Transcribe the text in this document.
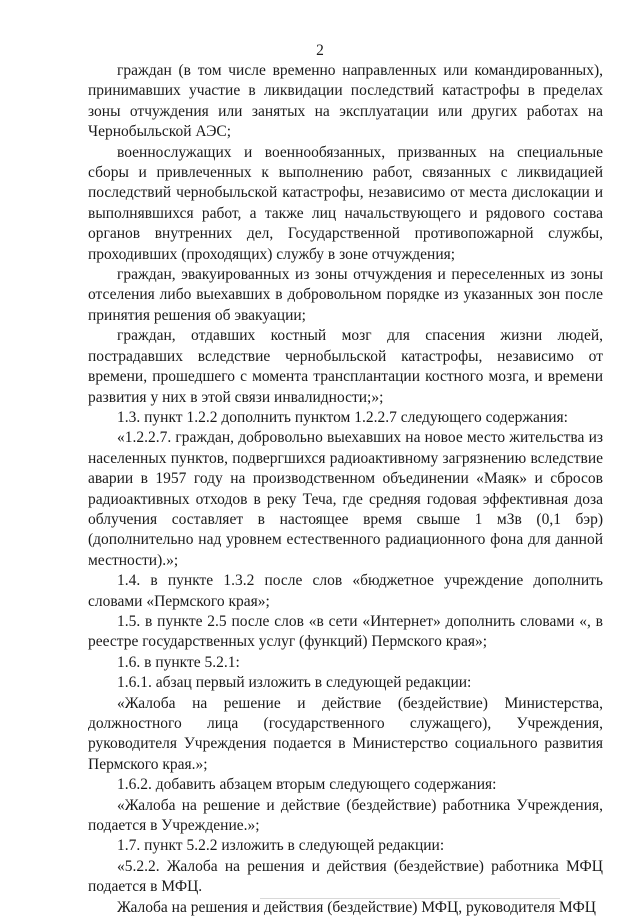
2

граждан (в том числе временно направленных или командированных), принимавших участие в ликвидации последствий катастрофы в пределах зоны отчуждения или занятых на эксплуатации или других работах на Чернобыльской АЭС;

военнослужащих и военнообязанных, призванных на специальные сборы и привлеченных к выполнению работ, связанных с ликвидацией последствий чернобыльской катастрофы, независимо от места дислокации и выполнявшихся работ, а также лиц начальствующего и рядового состава органов внутренних дел, Государственной противопожарной службы, проходивших (проходящих) службу в зоне отчуждения;

граждан, эвакуированных из зоны отчуждения и переселенных из зоны отселения либо выехавших в добровольном порядке из указанных зон после принятия решения об эвакуации;

граждан, отдавших костный мозг для спасения жизни людей, пострадавших вследствие чернобыльской катастрофы, независимо от времени, прошедшего с момента трансплантации костного мозга, и времени развития у них в этой связи инвалидности;»;

1.3. пункт 1.2.2 дополнить пунктом 1.2.2.7 следующего содержания:

«1.2.2.7. граждан, добровольно выехавших на новое место жительства из населенных пунктов, подвергшихся радиоактивному загрязнению вследствие аварии в 1957 году на производственном объединении «Маяк» и сбросов радиоактивных отходов в реку Теча, где средняя годовая эффективная доза облучения составляет в настоящее время свыше 1 мЗв (0,1 бэр) (дополнительно над уровнем естественного радиационного фона для данной местности).»;

1.4. в пункте 1.3.2 после слов «бюджетное учреждение дополнить словами «Пермского края»;

1.5. в пункте 2.5 после слов «в сети «Интернет» дополнить словами «, в реестре государственных услуг (функций) Пермского края»;

1.6. в пункте 5.2.1:

1.6.1. абзац первый изложить в следующей редакции:

«Жалоба на решение и действие (бездействие) Министерства, должностного лица (государственного служащего), Учреждения, руководителя Учреждения подается в Министерство социального развития Пермского края.»;

1.6.2. добавить абзацем вторым следующего содержания:

«Жалоба на решение и действие (бездействие) работника Учреждения, подается в Учреждение.»;

1.7. пункт 5.2.2 изложить в следующей редакции:

«5.2.2. Жалоба на решения и действия (бездействие) работника МФЦ подается в МФЦ.

Жалоба на решения и действия (бездействие) МФЦ, руководителя МФЦ
